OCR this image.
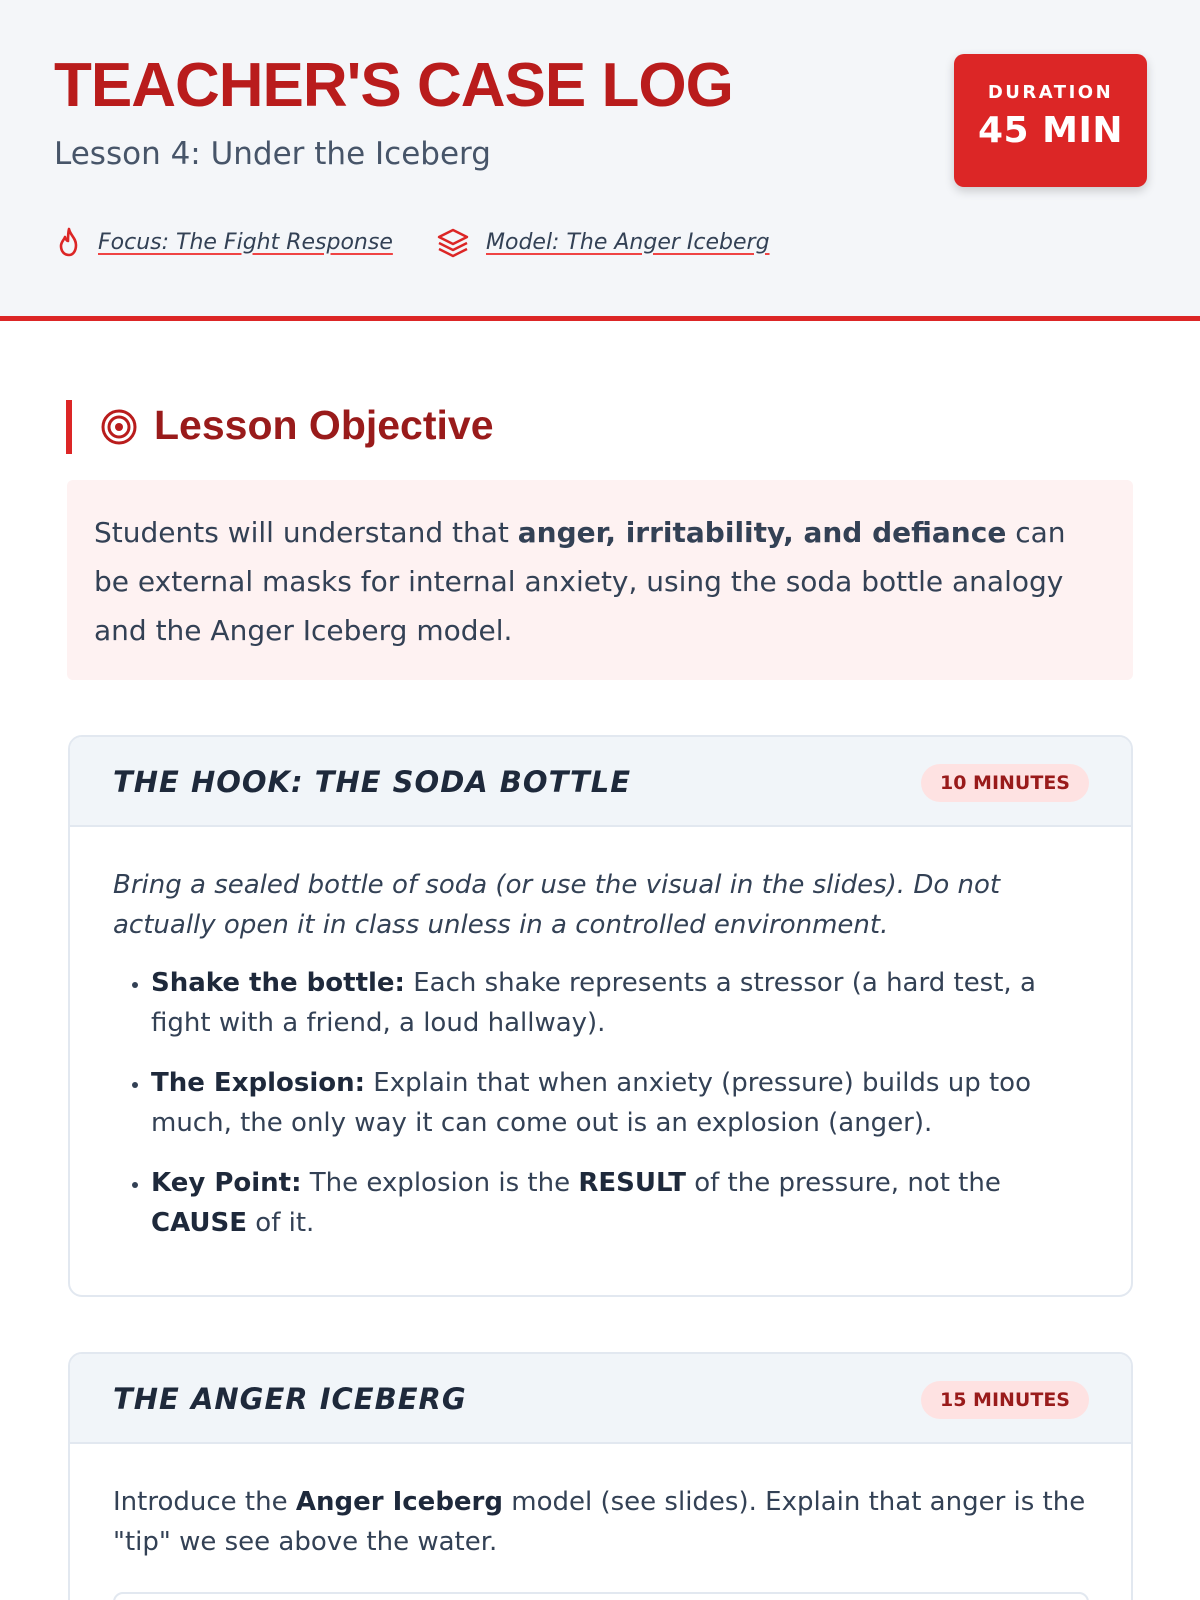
TEACHER'S CASE LOG
Lesson 4: Under the Iceberg
DURATION
45 MIN
Focus: The Fight Response	Model: The Anger Iceberg
Lesson Objective
Students will understand that anger, irritability, and defiance can be external masks for internal anxiety, using the soda bottle analogy and the Anger Iceberg model.
THE HOOK: THE SODA BOTTLE	10 MINUTES
Bring a sealed bottle of soda (or use the visual in the slides). Do not actually open it in class unless in a controlled environment.
• Shake the bottle: Each shake represents a stressor (a hard test, a fight with a friend, a loud hallway).
• The Explosion: Explain that when anxiety (pressure) builds up too much, the only way it can come out is an explosion (anger).
• Key Point: The explosion is the RESULT of the pressure, not the CAUSE of it.
THE ANGER ICEBERG	15 MINUTES
Introduce the Anger Iceberg model (see slides). Explain that anger is the "tip" we see above the water.
